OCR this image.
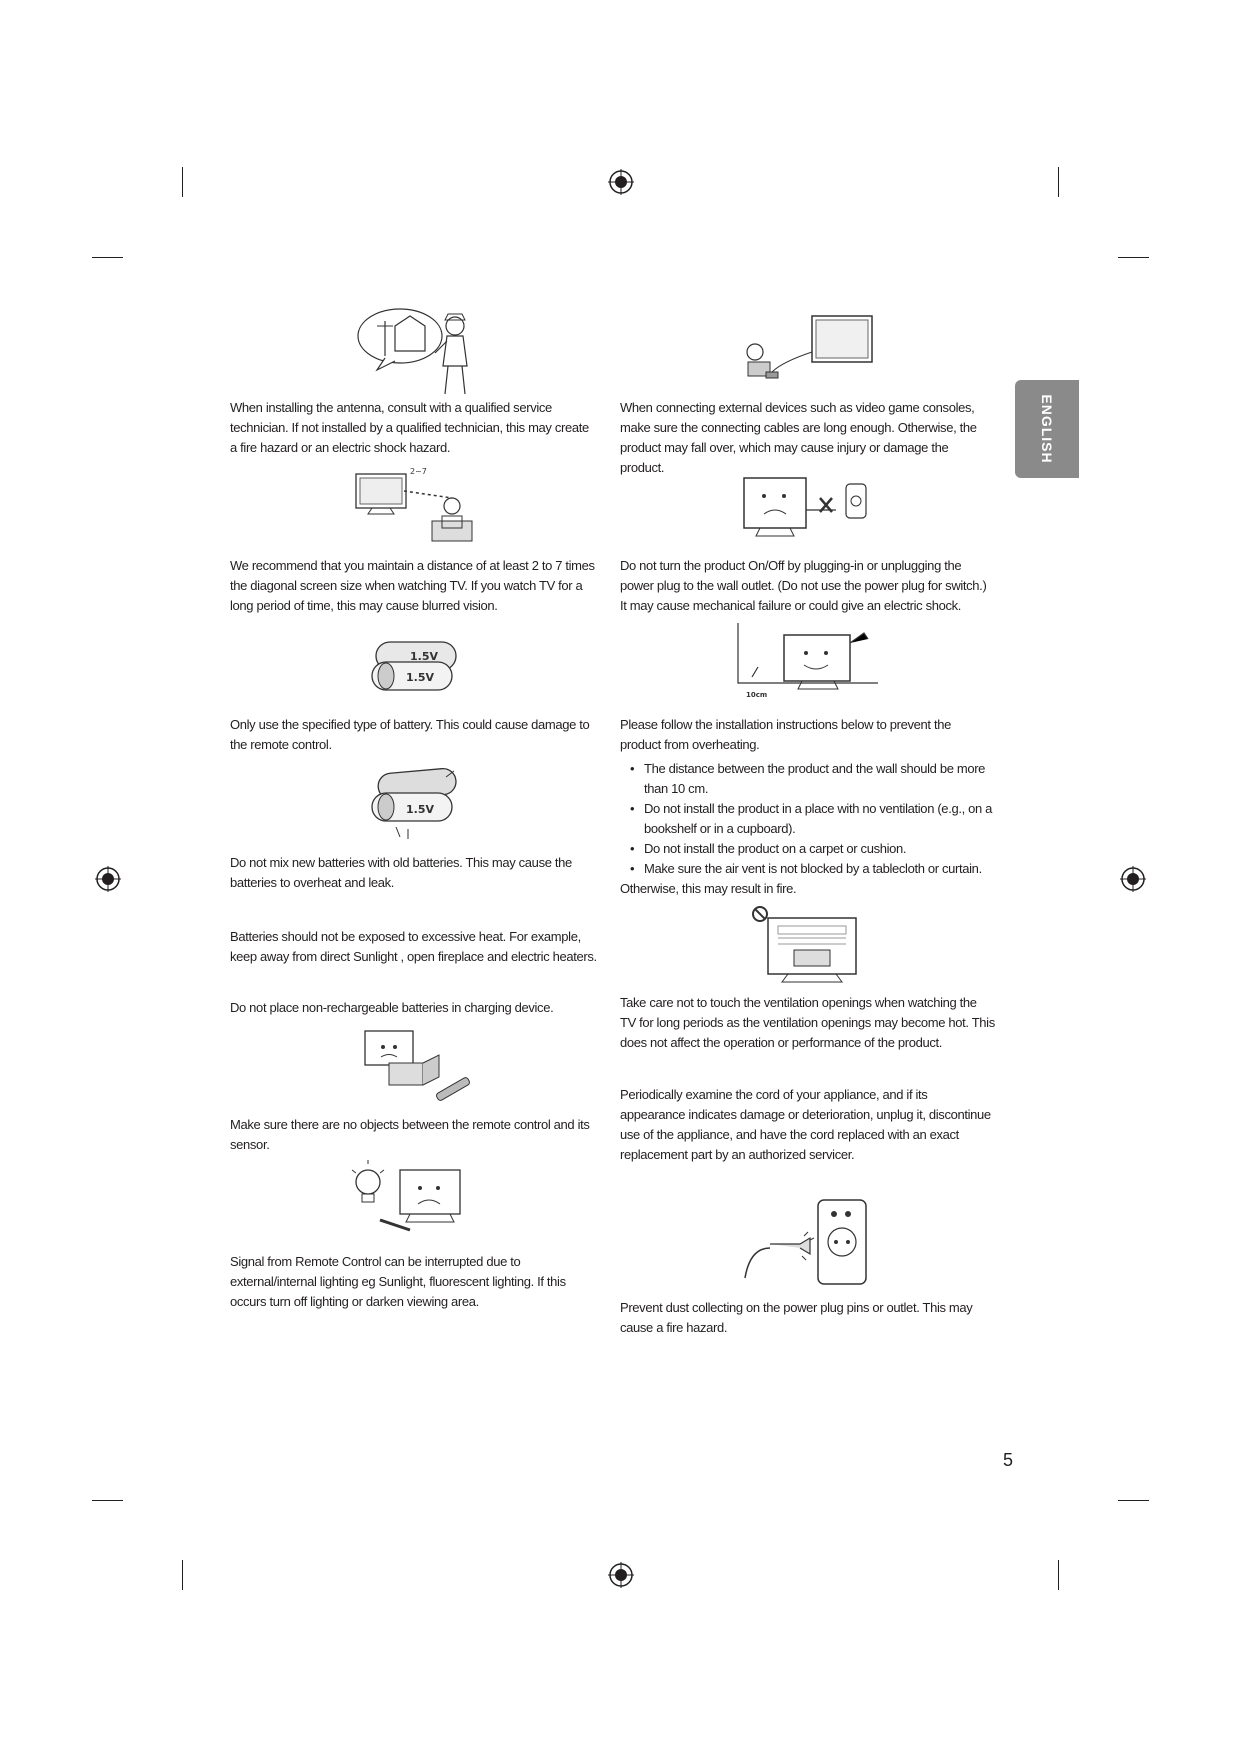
ENGLISH

When installing the antenna, consult with a qualified service technician. If not installed by a qualified technician, this may create a fire hazard or an electric shock hazard.

2~7

We recommend that you maintain a distance of at least 2 to 7 times the diagonal screen size when watching TV. If you watch TV for a long period of time, this may cause blurred vision.

1.5V
1.5V

Only use the specified type of battery. This could cause damage to the remote control.

1.5V

Do not mix new batteries with old batteries. This may cause the batteries to overheat and leak.

Batteries should not be exposed to excessive heat. For example, keep away from direct Sunlight , open fireplace and electric heaters.

Do not place non-rechargeable batteries in charging device.

Make sure there are no objects between the remote control and its sensor.

Signal from Remote Control can be interrupted due to external/internal lighting eg Sunlight, fluorescent lighting. If this occurs turn off lighting or darken viewing area.

When connecting external devices such as video game consoles, make sure the connecting cables are long enough. Otherwise, the product may fall over, which may cause injury or damage the product.

Do not turn the product On/Off by plugging-in or unplugging the power plug to the wall outlet. (Do not use the power plug for switch.) It may cause mechanical failure or could give an electric shock.

10cm

Please follow the installation instructions below to prevent the product from overheating.

• The distance between the product and the wall should be more than 10 cm.
• Do not install the product in a place with no ventilation (e.g., on a bookshelf or in a cupboard).
• Do not install the product on a carpet or cushion.
• Make sure the air vent is not blocked by a tablecloth or curtain.

Otherwise, this may result in fire.

Take care not to touch the ventilation openings when watching the TV for long periods as the ventilation openings may become hot. This does not affect the operation or performance of the product.

Periodically examine the cord of your appliance, and if its appearance indicates damage or deterioration, unplug it, discontinue use of the appliance, and have the cord replaced with an exact replacement part by an authorized servicer.

Prevent dust collecting on the power plug pins or outlet. This may cause a fire hazard.

5
